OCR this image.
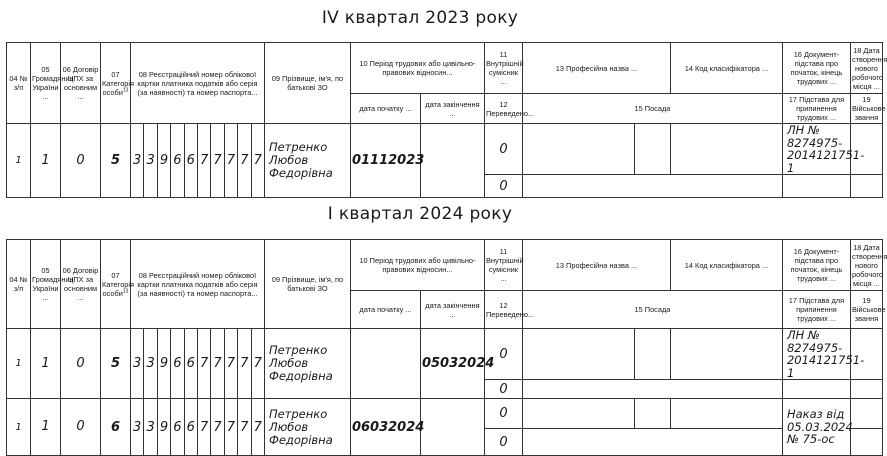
IV квартал 2023 року
04 № з/п	05 Громадянин України ...	06 Договір ЦПХ за основним ...	07 Категорія особи$^{13}$	08 Реєстраційний номер облікової картки платника податків або серія (за наявності) та номер паспорта...										09 Прізвище, ім'я, по батькові ЗО	10 Період трудових або цивільно-правових відносин...		11 Внутрішній сумісник ...	13 Професійна назва ...		14 Код класифікатора ...	16 Документ-підстава про початок, кінець трудових ...	18 Дата створення нового робочого місця ...	
															дата початку ...	дата закінчення ...	12 Переведено...	15 Посада			17 Підстава для припинення трудових ...	19 Військове звання	
1	1	0	5	3	3	9	6	6	7	7	7	7	7	Петренко Любов Федорівна	01112023		0				ЛН № 8274975-2014121751-1		
																	0						
I квартал 2024 року
04 № з/п	05 Громадянин України ...	06 Договір ЦПХ за основним ...	07 Категорія особи$^{13}$	08 Реєстраційний номер облікової картки платника податків або серія (за наявності) та номер паспорта...										09 Прізвище, ім'я, по батькові ЗО	10 Період трудових або цивільно-правових відносин...		11 Внутрішній сумісник ...	13 Професійна назва ...		14 Код класифікатора ...	16 Документ-підстава про початок, кінець трудових ...	18 Дата створення нового робочого місця ...	
															дата початку ...	дата закінчення ...	12 Переведено...	15 Посада			17 Підстава для припинення трудових ...	19 Військове звання	
1	1	0	5	3	3	9	6	6	7	7	7	7	7	Петренко Любов Федорівна		05032024	0				ЛН № 8274975-2014121751-1		
																	0						
1	1	0	6	3	3	9	6	6	7	7	7	7	7	Петренко Любов Федорівна	06032024		0				Наказ від 05.03.2024 № 75-ос		
																	0						
